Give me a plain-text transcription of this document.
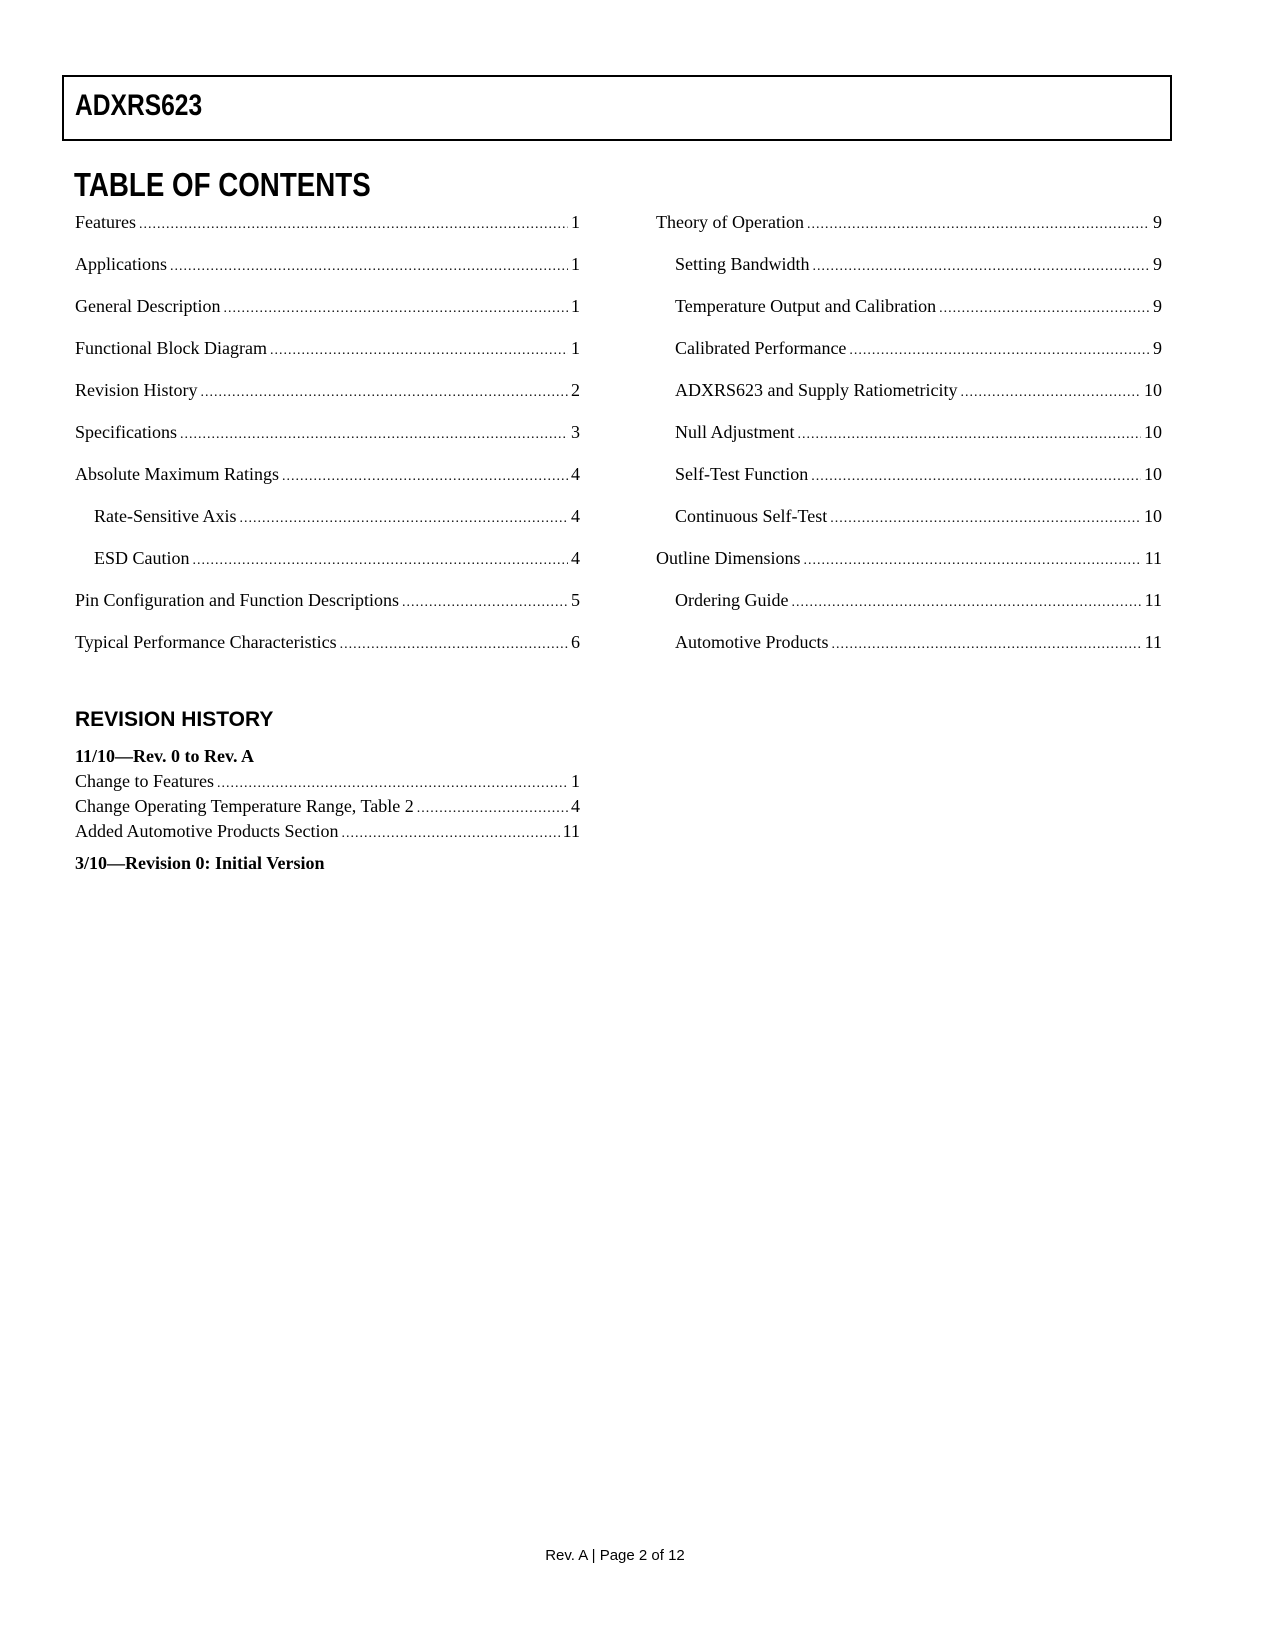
ADXRS623
TABLE OF CONTENTS
Features .....	1
Applications .....	1
General Description .....	1
Functional Block Diagram .....	1
Revision History .....	2
Specifications .....	3
Absolute Maximum Ratings .....	4
Rate-Sensitive Axis .....	4
ESD Caution .....	4
Pin Configuration and Function Descriptions .....	5
Typical Performance Characteristics .....	6
Theory of Operation .....	9
Setting Bandwidth .....	9
Temperature Output and Calibration .....	9
Calibrated Performance .....	9
ADXRS623 and Supply Ratiometricity .....	10
Null Adjustment .....	10
Self-Test Function .....	10
Continuous Self-Test .....	10
Outline Dimensions .....	11
Ordering Guide .....	11
Automotive Products .....	11
REVISION HISTORY
11/10—Rev. 0 to Rev. A
Change to Features .....	1
Change Operating Temperature Range, Table 2 .....	4
Added Automotive Products Section .....	11
3/10—Revision 0: Initial Version
Rev. A | Page 2 of 12
